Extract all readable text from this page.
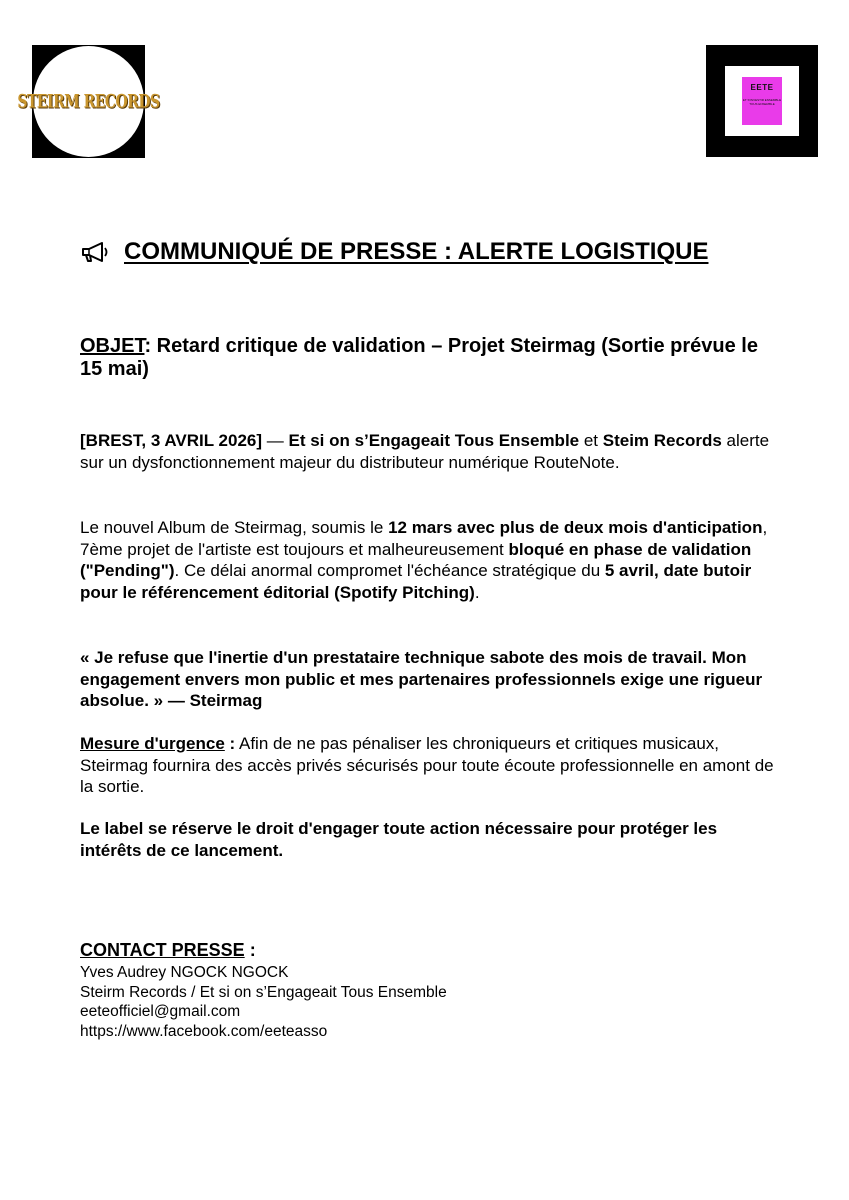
STEIRM RECORDS
EETE
ET S'INVESTIR ENSEMBLE
TOUS ENSEMBLE
COMMUNIQUÉ DE PRESSE : ALERTE LOGISTIQUE
OBJET: Retard critique de validation – Projet Steirmag (Sortie prévue le 15 mai)

[BREST, 3 AVRIL 2026] — Et si on s’Engageait Tous Ensemble et Steim Records alerte sur un dysfonctionnement majeur du distributeur numérique RouteNote.

Le nouvel Album de Steirmag, soumis le 12 mars avec plus de deux mois d'anticipation, 7ème projet de l'artiste est toujours et malheureusement bloqué en phase de validation ("Pending"). Ce délai anormal compromet l'échéance stratégique du 5 avril, date butoir pour le référencement éditorial (Spotify Pitching).

« Je refuse que l'inertie d'un prestataire technique sabote des mois de travail. Mon engagement envers mon public et mes partenaires professionnels exige une rigueur absolue. » — Steirmag

Mesure d'urgence : Afin de ne pas pénaliser les chroniqueurs et critiques musicaux, Steirmag fournira des accès privés sécurisés pour toute écoute professionnelle en amont de la sortie.

Le label se réserve le droit d'engager toute action nécessaire pour protéger les intérêts de ce lancement.

CONTACT PRESSE :
Yves Audrey NGOCK NGOCK
Steirm Records / Et si on s’Engageait Tous Ensemble
eeteofficiel@gmail.com
https://www.facebook.com/eeteasso
